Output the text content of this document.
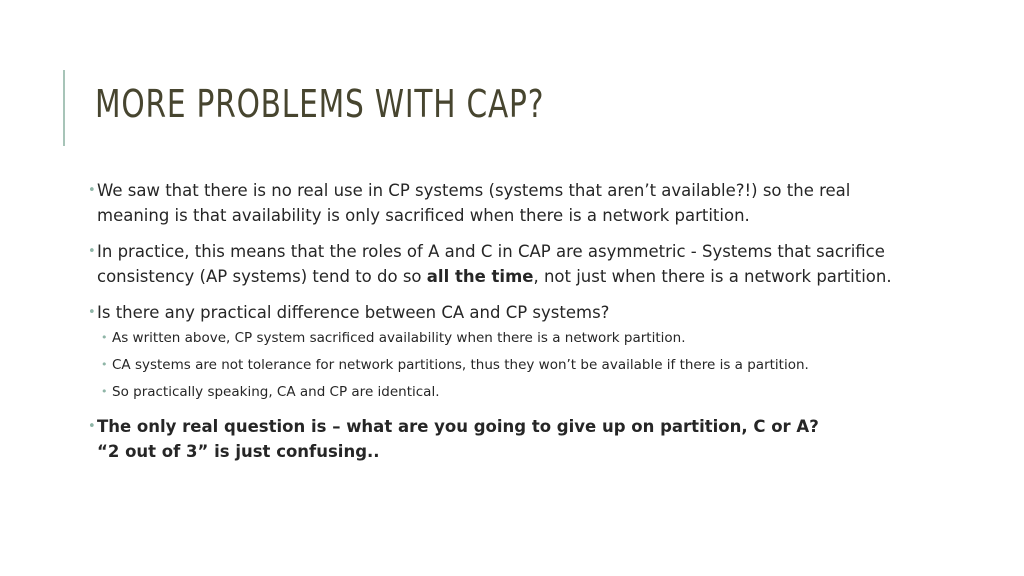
MORE PROBLEMS WITH CAP?
• We saw that there is no real use in CP systems (systems that aren’t available?!) so the real meaning is that availability is only sacrificed when there is a network partition.
• In practice, this means that the roles of A and C in CAP are asymmetric - Systems that sacrifice consistency (AP systems) tend to do so all the time, not just when there is a network partition.
• Is there any practical difference between CA and CP systems?
• As written above, CP system sacrificed availability when there is a network partition.
• CA systems are not tolerance for network partitions, thus they won’t be available if there is a partition.
• So practically speaking, CA and CP are identical.
• The only real question is – what are you going to give up on partition, C or A?
“2 out of 3” is just confusing..
